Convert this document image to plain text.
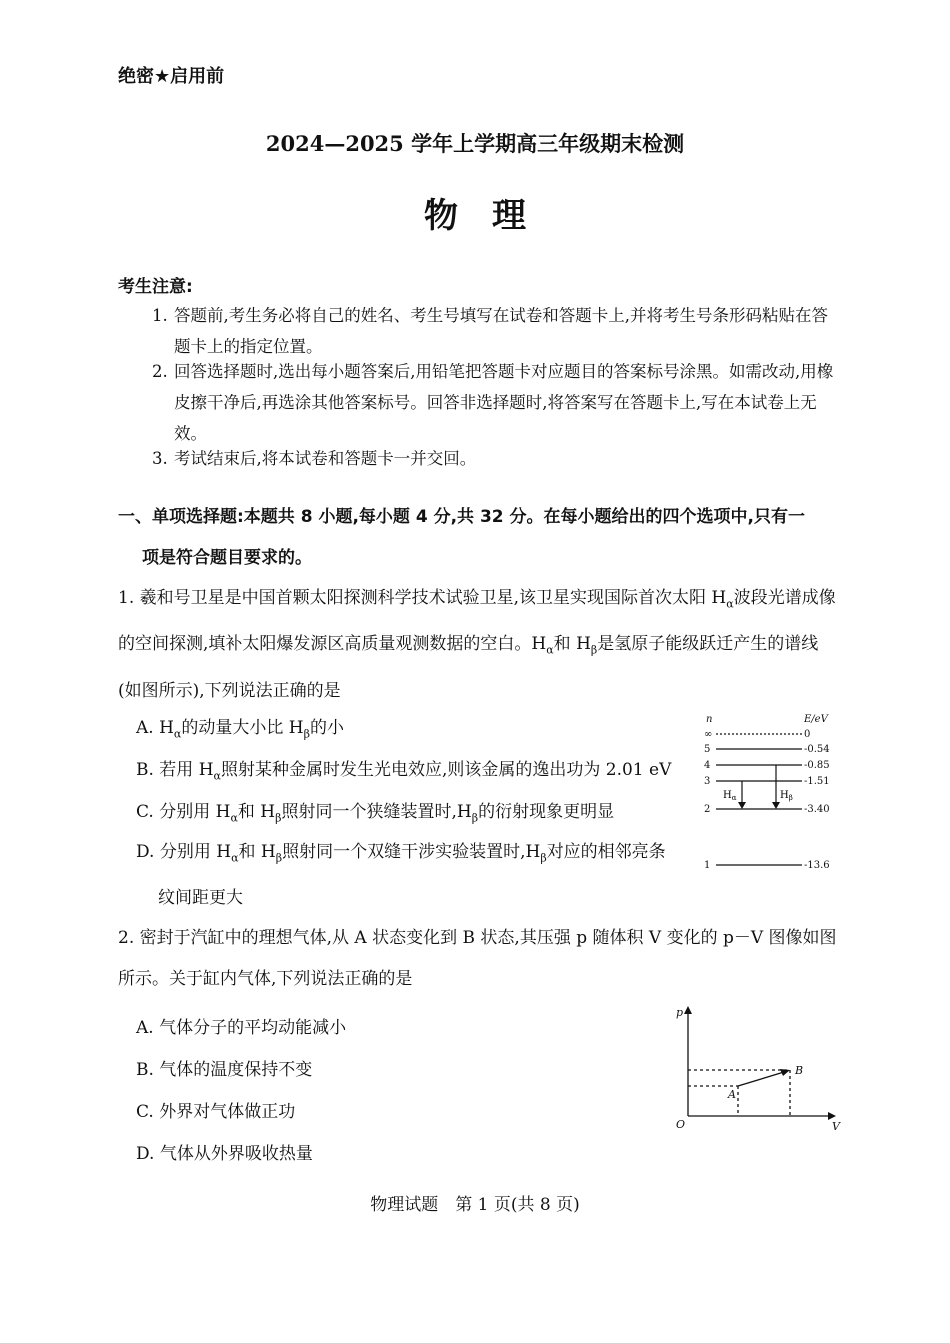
绝密★启用前
2024—2025 学年上学期高三年级期末检测
物理
考生注意:
1. 答题前,考生务必将自己的姓名、考生号填写在试卷和答题卡上,并将考生号条形码粘贴在答题卡上的指定位置。
2. 回答选择题时,选出每小题答案后,用铅笔把答题卡对应题目的答案标号涂黑。如需改动,用橡皮擦干净后,再选涂其他答案标号。回答非选择题时,将答案写在答题卡上,写在本试卷上无效。
3. 考试结束后,将本试卷和答题卡一并交回。
一、单项选择题:本题共 8 小题,每小题 4 分,共 32 分。在每小题给出的四个选项中,只有一
项是符合题目要求的。
1. 羲和号卫星是中国首颗太阳探测科学技术试验卫星,该卫星实现国际首次太阳 $H_\alpha$波段光谱成像的空间探测,填补太阳爆发源区高质量观测数据的空白。$H_\alpha$和 $H_\beta$是氢原子能级跃迁产生的谱线(如图所示),下列说法正确的是
A. $H_\alpha$的动量大小比 $H_\beta$的小
B. 若用 $H_\alpha$照射某种金属时发生光电效应,则该金属的逸出功为 2.01 eV
C. 分别用 $H_\alpha$和 $H_\beta$照射同一个狭缝装置时$,H_\beta$的衍射现象更明显
D. 分别用 $H_\alpha$和 $H_\beta$照射同一个双缝干涉实验装置时$,H_\beta$对应的相邻亮条
纹间距更大
n	E/eV
∞
5
4
3
2
1
0
-0.54
-0.85
-1.51
-3.40
-13.6
$H_\alpha$	$H_\beta$
2. 密封于汽缸中的理想气体,从 A 状态变化到 B 状态,其压强 p 随体积 V 变化的 p－V 图像如图所示。关于缸内气体,下列说法正确的是
A. 气体分子的平均动能减小
B. 气体的温度保持不变
C. 外界对气体做正功
D. 气体从外界吸收热量
p
V
O
A
B
物理试题　第 1 页(共 8 页)
